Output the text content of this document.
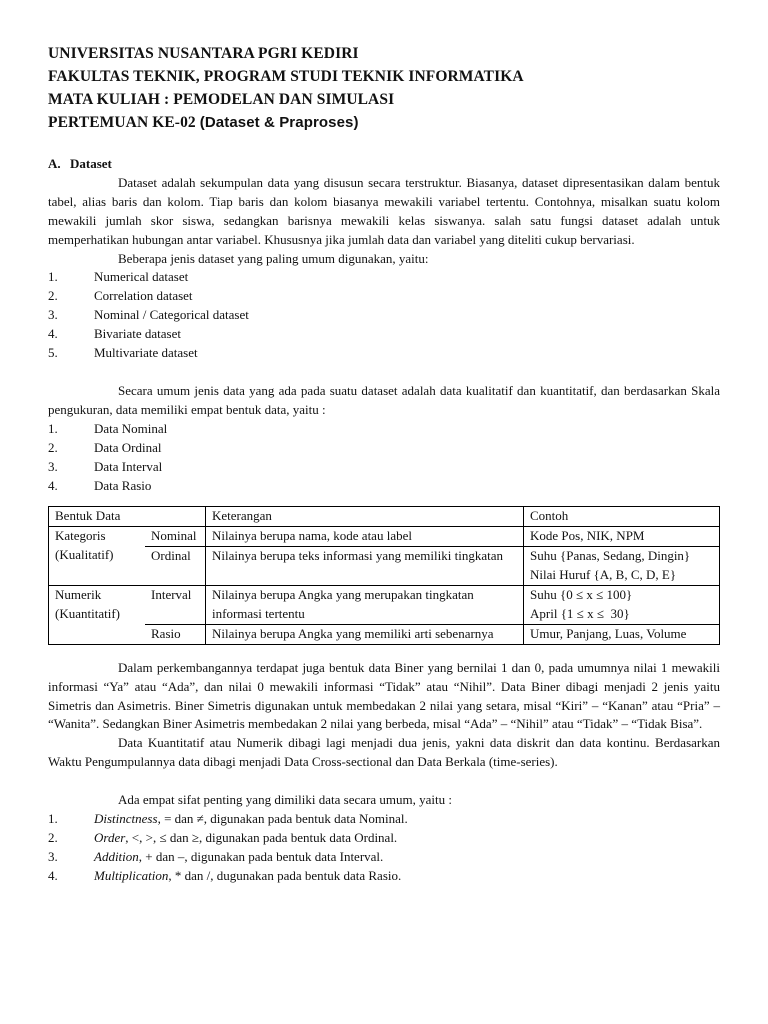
UNIVERSITAS NUSANTARA PGRI KEDIRI
FAKULTAS TEKNIK, PROGRAM STUDI TEKNIK INFORMATIKA
MATA KULIAH : PEMODELAN DAN SIMULASI
PERTEMUAN KE-02 (Dataset & Praproses)
A. Dataset

Dataset adalah sekumpulan data yang disusun secara terstruktur. Biasanya, dataset dipresentasikan dalam bentuk tabel, alias baris dan kolom. Tiap baris dan kolom biasanya mewakili variabel tertentu. Contohnya, misalkan suatu kolom mewakili jumlah skor siswa, sedangkan barisnya mewakili kelas siswanya. salah satu fungsi dataset adalah untuk memperhatikan hubungan antar variabel. Khususnya jika jumlah data dan variabel yang diteliti cukup bervariasi.

Beberapa jenis dataset yang paling umum digunakan, yaitu:

1.	Numerical dataset
2.	Correlation dataset
3.	Nominal / Categorical dataset
4.	Bivariate dataset
5.	Multivariate dataset

Secara umum jenis data yang ada pada suatu dataset adalah data kualitatif dan kuantitatif, dan berdasarkan Skala pengukuran, data memiliki empat bentuk data, yaitu :

1.	Data Nominal
2.	Data Ordinal
3.	Data Interval
4.	Data Rasio
Bentuk Data		Keterangan	Contoh
Kategoris
(Kualitatif)	Nominal	Nilainya berupa nama, kode atau label	Kode Pos, NIK, NPM
	Ordinal	Nilainya berupa teks informasi yang memiliki tingkatan	Suhu {Panas, Sedang, Dingin}
Nilai Huruf {A, B, C, D, E}
Numerik
(Kuantitatif)	Interval	Nilainya berupa Angka yang merupakan tingkatan informasi tertentu	Suhu {0 ≤ x ≤ 100}
April {1 ≤ x ≤  30}
	Rasio	Nilainya berupa Angka yang memiliki arti sebenarnya	Umur, Panjang, Luas, Volume

Dalam perkembangannya terdapat juga bentuk data Biner yang bernilai 1 dan 0, pada umumnya nilai 1 mewakili informasi “Ya” atau “Ada”, dan nilai 0 mewakili informasi “Tidak” atau “Nihil”. Data Biner dibagi menjadi 2 jenis yaitu Simetris dan Asimetris. Biner Simetris digunakan untuk membedakan 2 nilai yang setara, misal “Kiri” – “Kanan” atau “Pria” – “Wanita”. Sedangkan Biner Asimetris membedakan 2 nilai yang berbeda, misal “Ada” – “Nihil” atau “Tidak” – “Tidak Bisa”.

Data Kuantitatif atau Numerik dibagi lagi menjadi dua jenis, yakni data diskrit dan data kontinu. Berdasarkan Waktu Pengumpulannya data dibagi menjadi Data Cross-sectional dan Data Berkala (time-series).

Ada empat sifat penting yang dimiliki data secara umum, yaitu :

1.	Distinctness, = dan ≠, digunakan pada bentuk data Nominal.
2.	Order, <, >, ≤ dan ≥, digunakan pada bentuk data Ordinal.
3.	Addition, + dan –, digunakan pada bentuk data Interval.
4.	Multiplication, * dan /, dugunakan pada bentuk data Rasio.
